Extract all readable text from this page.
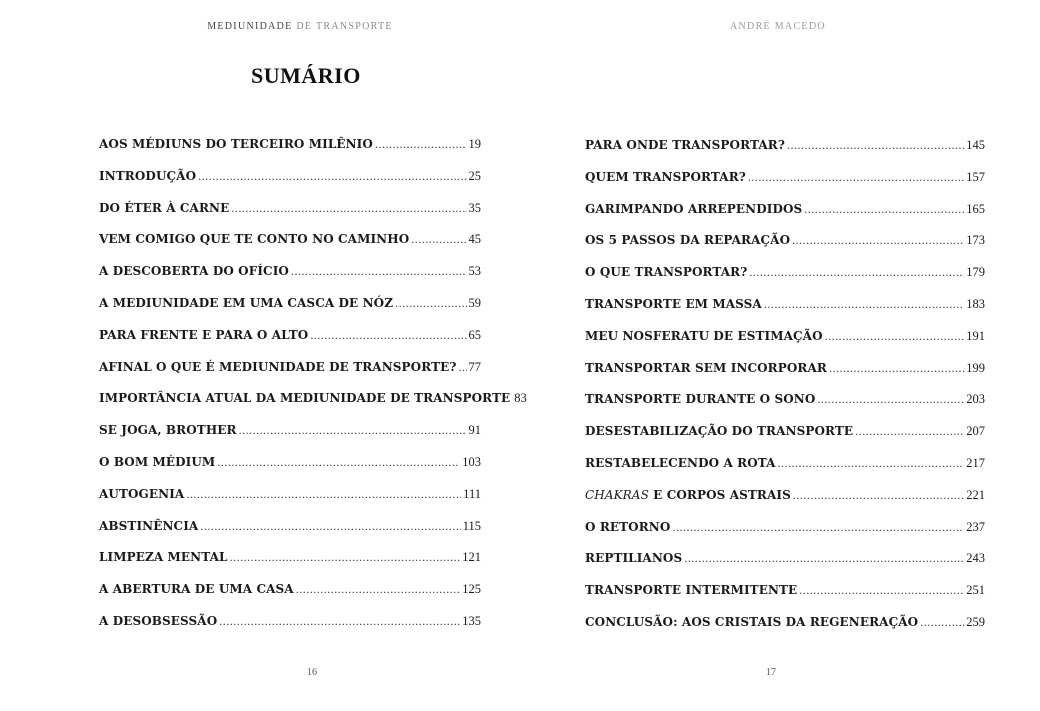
MEDIUNIDADE DE TRANSPORTE
SUMÁRIO
AOS MÉDIUNS DO TERCEIRO MILÊNIO .....	19
INTRODUÇÃO .....	25
DO ÉTER À CARNE .....	35
VEM COMIGO QUE TE CONTO NO CAMINHO .....	45
A DESCOBERTA DO OFÍCIO .....	53
A MEDIUNIDADE EM UMA CASCA DE NÓZ .....	59
PARA FRENTE E PARA O ALTO .....	65
AFINAL O QUE É MEDIUNIDADE DE TRANSPORTE? ..... 77
IMPORTÂNCIA ATUAL DA MEDIUNIDADE DE TRANSPORTE 83
SE JOGA, BROTHER .....	91
O BOM MÉDIUM .....	103
AUTOGENIA .....	111
ABSTINÊNCIA .....	115
LIMPEZA MENTAL .....	121
A ABERTURA DE UMA CASA .....	125
A DESOBSESSÃO .....	135
16
ANDRÉ MACEDO
PARA ONDE TRANSPORTAR? .....	145
QUEM TRANSPORTAR? .....	157
GARIMPANDO ARREPENDIDOS .....	165
OS 5 PASSOS DA REPARAÇÃO .....	173
O QUE TRANSPORTAR? .....	179
TRANSPORTE EM MASSA .....	183
MEU NOSFERATU DE ESTIMAÇÃO .....	191
TRANSPORTAR SEM INCORPORAR .....	199
TRANSPORTE DURANTE O SONO .....	203
DESESTABILIZAÇÃO DO TRANSPORTE .....	207
RESTABELECENDO A ROTA .....	217
CHAKRAS E CORPOS ASTRAIS .....	221
O RETORNO .....	237
REPTILIANOS .....	243
TRANSPORTE INTERMITENTE .....	251
CONCLUSÃO: AOS CRISTAIS DA REGENERAÇÃO .....	259
17
